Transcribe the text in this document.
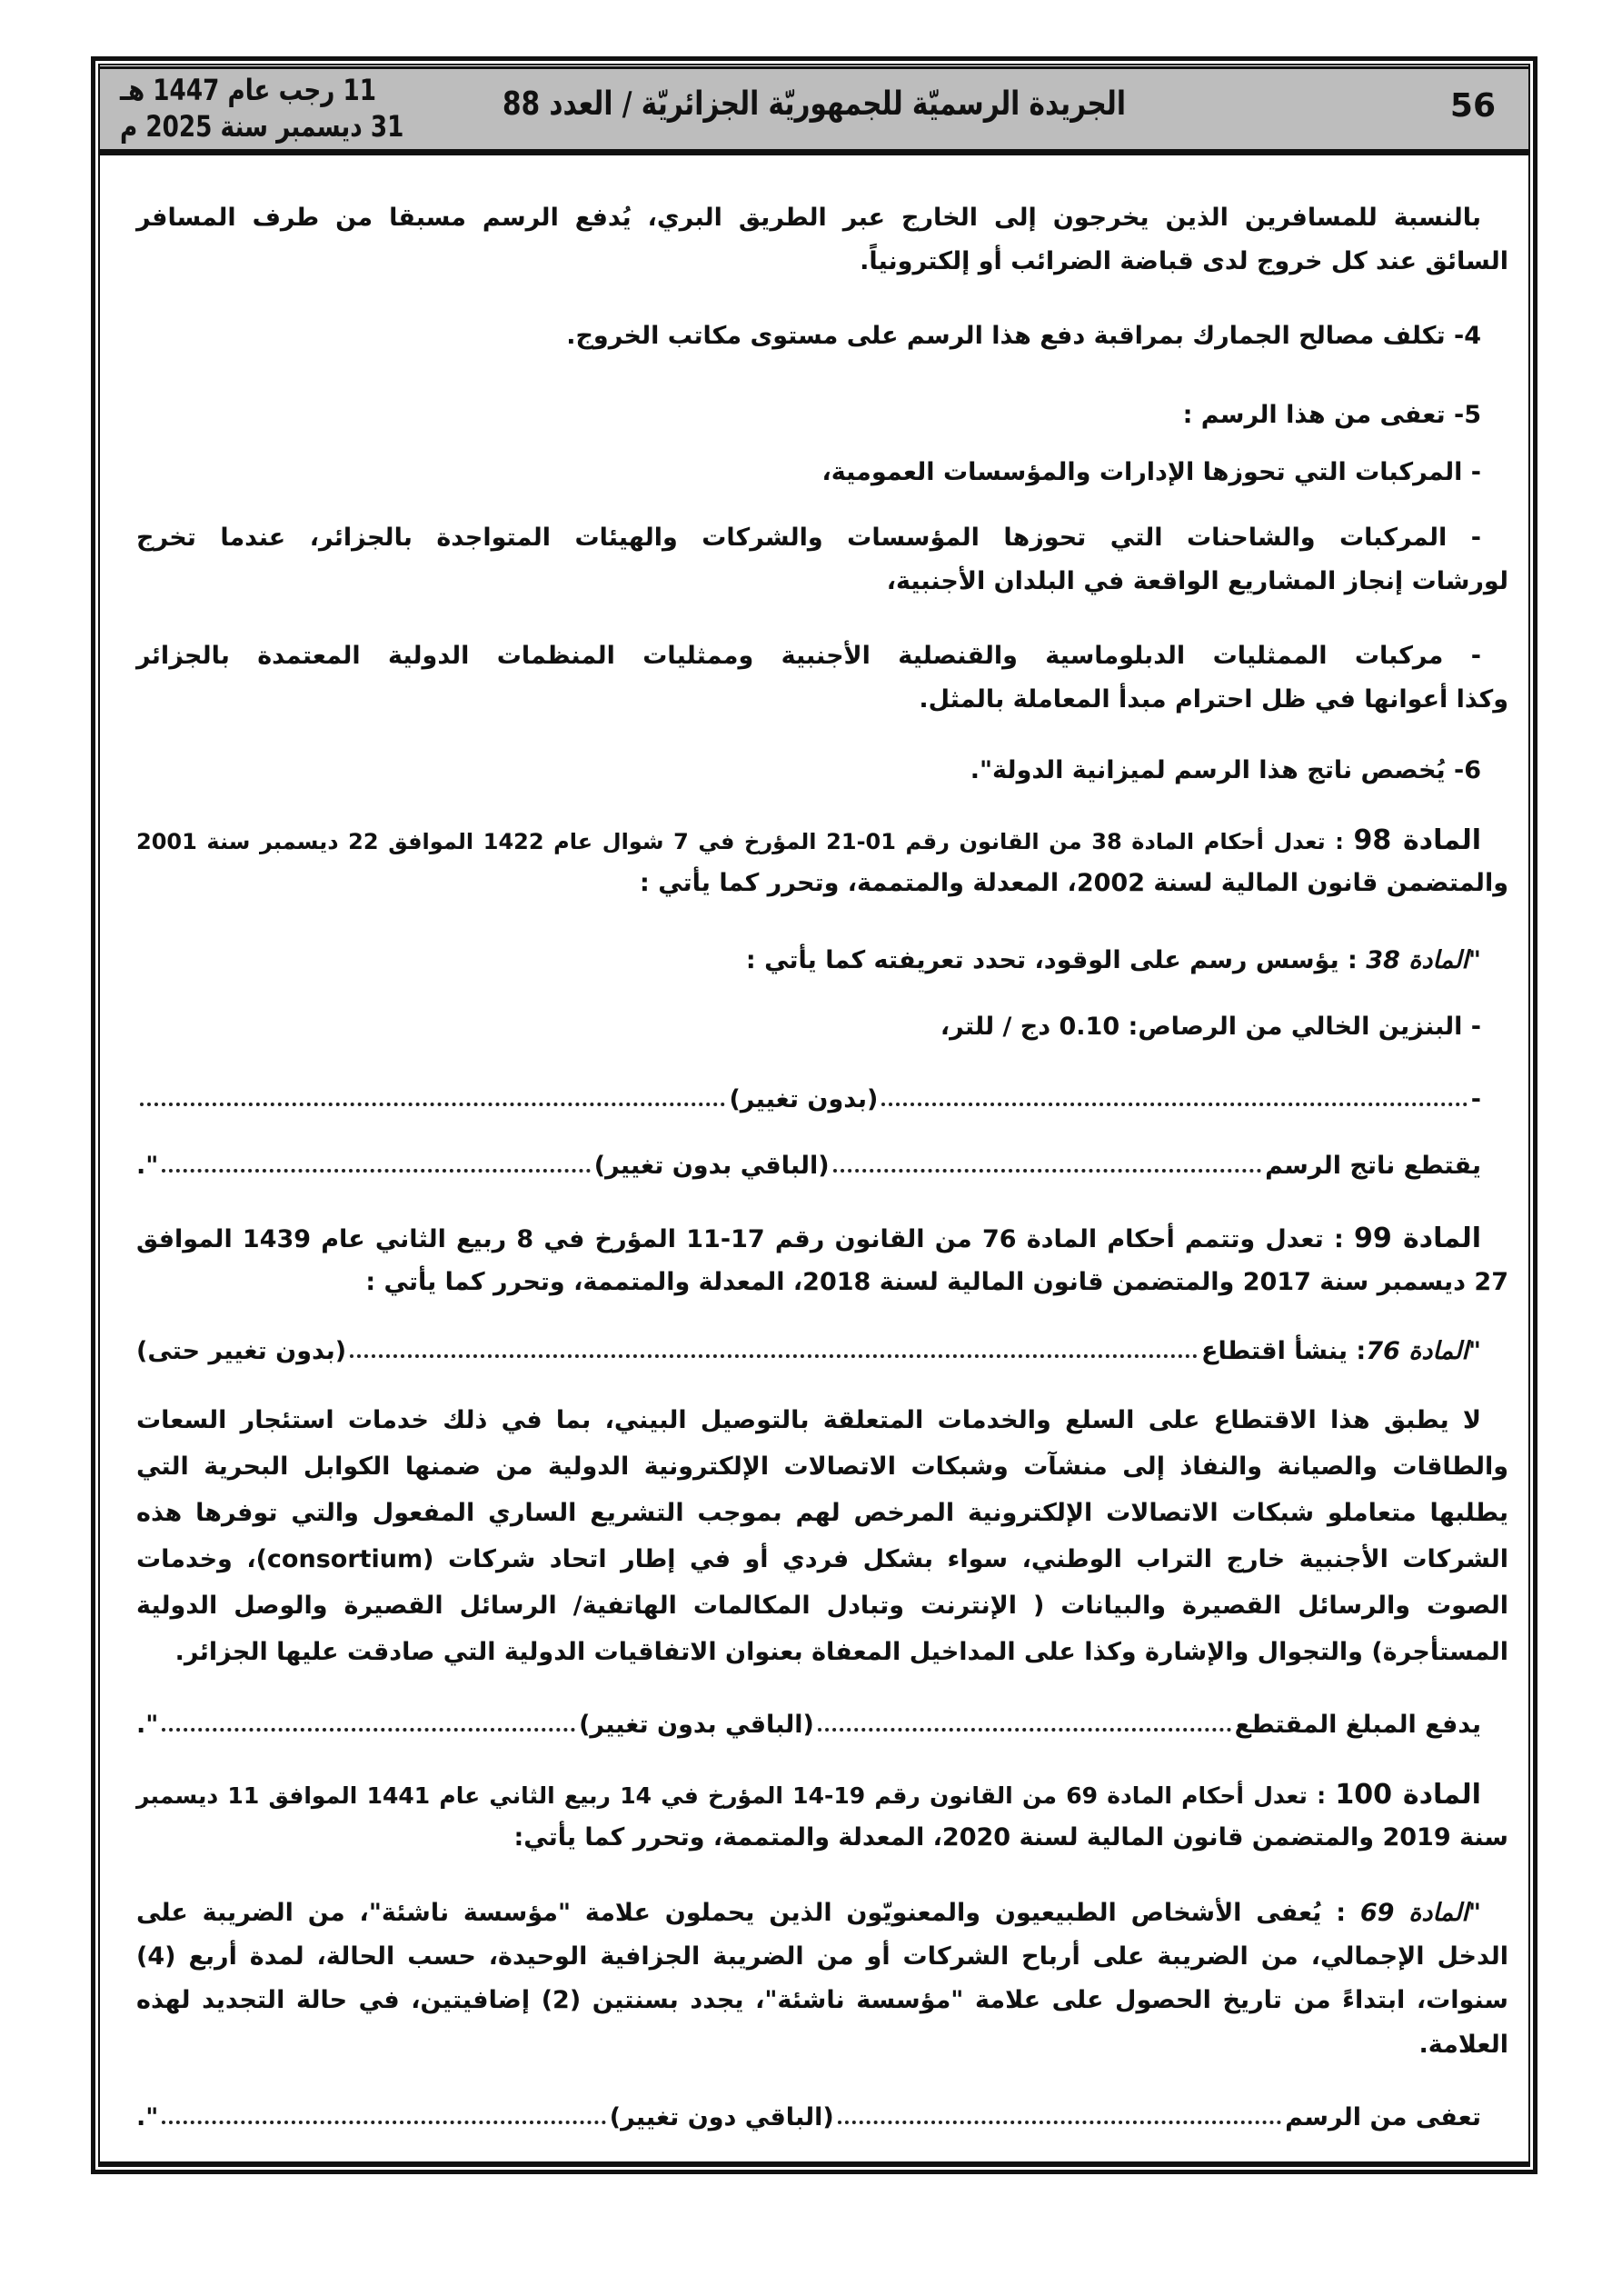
56
الجريدة الرسميّة للجمهوريّة الجزائريّة / العدد 88
11 رجب عام 1447 هـ
31 ديسمبر سنة 2025 م
بالنسبة للمسافرين الذين يخرجون إلى الخارج عبر الطريق البري، يُدفع الرسم مسبقا من طرف المسافر
السائق عند كل خروج لدى قباضة الضرائب أو إلكترونياً.
4- تكلف مصالح الجمارك بمراقبة دفع هذا الرسم على مستوى مكاتب الخروج.
5- تعفى من هذا الرسم :
- المركبات التي تحوزها الإدارات والمؤسسات العمومية،
- المركبات والشاحنات التي تحوزها المؤسسات والشركات والهيئات المتواجدة بالجزائر، عندما تخرج
لورشات إنجاز المشاريع الواقعة في البلدان الأجنبية،
- مركبات الممثليات الدبلوماسية والقنصلية الأجنبية وممثليات المنظمات الدولية المعتمدة بالجزائر
وكذا أعوانها في ظل احترام مبدأ المعاملة بالمثل.
6- يُخصص ناتج هذا الرسم لميزانية الدولة".
المادة 98 : تعدل أحكام المادة 38 من القانون رقم 01-21 المؤرخ في 7 شوال عام 1422 الموافق 22 ديسمبر سنة 2001
والمتضمن قانون المالية لسنة 2002، المعدلة والمتممة، وتحرر كما يأتي :
"المادة 38 : يؤسس رسم على الوقود، تحدد تعريفته كما يأتي :
- البنزين الخالي من الرصاص: 0.10 دج / للتر،
-
(بدون تغيير)
يقتطع ناتج الرسم
(الباقي بدون تغيير)
".
المادة 99 : تعدل وتتمم أحكام المادة 76 من القانون رقم 17-11 المؤرخ في 8 ربيع الثاني عام 1439 الموافق
27 ديسمبر سنة 2017 والمتضمن قانون المالية لسنة 2018، المعدلة والمتممة، وتحرر كما يأتي :
"المادة 76
: ينشأ اقتطاع
(بدون تغيير حتى)
لا يطبق هذا الاقتطاع على السلع والخدمات المتعلقة بالتوصيل البيني، بما في ذلك خدمات استئجار السعات
والطاقات والصيانة والنفاذ إلى منشآت وشبكات الاتصالات الإلكترونية الدولية من ضمنها الكوابل البحرية التي
يطلبها متعاملو شبكات الاتصالات الإلكترونية المرخص لهم بموجب التشريع الساري المفعول والتي توفرها هذه
الشركات الأجنبية خارج التراب الوطني، سواء بشكل فردي أو في إطار اتحاد شركات (consortium)، وخدمات
الصوت والرسائل القصيرة والبيانات ( الإنترنت وتبادل المكالمات الهاتفية/ الرسائل القصيرة والوصل الدولية
المستأجرة) والتجوال والإشارة وكذا على المداخيل المعفاة بعنوان الاتفاقيات الدولية التي صادقت عليها الجزائر.
يدفع المبلغ المقتطع
(الباقي بدون تغيير)
".
المادة 100 : تعدل أحكام المادة 69 من القانون رقم 19-14 المؤرخ في 14 ربيع الثاني عام 1441 الموافق 11 ديسمبر
سنة 2019 والمتضمن قانون المالية لسنة 2020، المعدلة والمتممة، وتحرر كما يأتي:
"المادة 69 : يُعفى الأشخاص الطبيعيون والمعنويّون الذين يحملون علامة "مؤسسة ناشئة"، من الضريبة على
الدخل الإجمالي، من الضريبة على أرباح الشركات أو من الضريبة الجزافية الوحيدة، حسب الحالة، لمدة أربع (4)
سنوات، ابتداءً من تاريخ الحصول على علامة "مؤسسة ناشئة"، يجدد بسنتين (2) إضافيتين، في حالة التجديد لهذه
العلامة.
تعفى من الرسم
(الباقي دون تغيير)
".
